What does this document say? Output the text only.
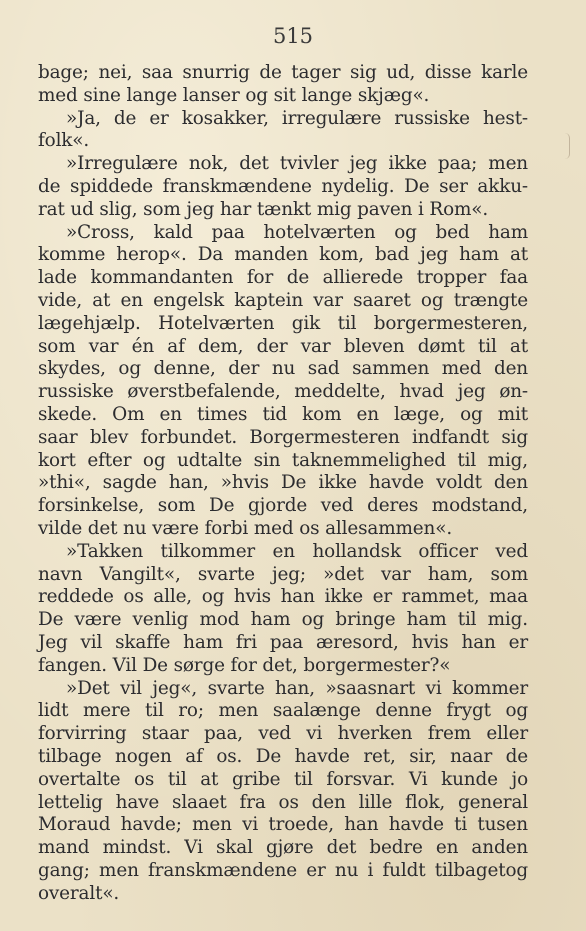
515
bage; nei, saa snurrig de tager sig ud, disse karle
med sine lange lanser og sit lange skjæg«.
»Ja, de er kosakker, irregulære russiske hest-
folk«.
»Irregulære nok, det tvivler jeg ikke paa; men
de spiddede franskmændene nydelig. De ser akku-
rat ud slig, som jeg har tænkt mig paven i Rom«.
»Cross, kald paa hotelværten og bed ham
komme herop«. Da manden kom, bad jeg ham at
lade kommandanten for de allierede tropper faa
vide, at en engelsk kaptein var saaret og trængte
lægehjælp. Hotelværten gik til borgermesteren,
som var én af dem, der var bleven dømt til at
skydes, og denne, der nu sad sammen med den
russiske øverstbefalende, meddelte, hvad jeg øn-
skede. Om en times tid kom en læge, og mit
saar blev forbundet. Borgermesteren indfandt sig
kort efter og udtalte sin taknemmelighed til mig,
»thi«, sagde han, »hvis De ikke havde voldt den
forsinkelse, som De gjorde ved deres modstand,
vilde det nu være forbi med os allesammen«.
»Takken tilkommer en hollandsk officer ved
navn Vangilt«, svarte jeg; »det var ham, som
reddede os alle, og hvis han ikke er rammet, maa
De være venlig mod ham og bringe ham til mig.
Jeg vil skaffe ham fri paa æresord, hvis han er
fangen. Vil De sørge for det, borgermester?«
»Det vil jeg«, svarte han, »saasnart vi kommer
lidt mere til ro; men saalænge denne frygt og
forvirring staar paa, ved vi hverken frem eller
tilbage nogen af os. De havde ret, sir, naar de
overtalte os til at gribe til forsvar. Vi kunde jo
lettelig have slaaet fra os den lille flok, general
Moraud havde; men vi troede, han havde ti tusen
mand mindst. Vi skal gjøre det bedre en anden
gang; men franskmændene er nu i fuldt tilbagetog
overalt«.
